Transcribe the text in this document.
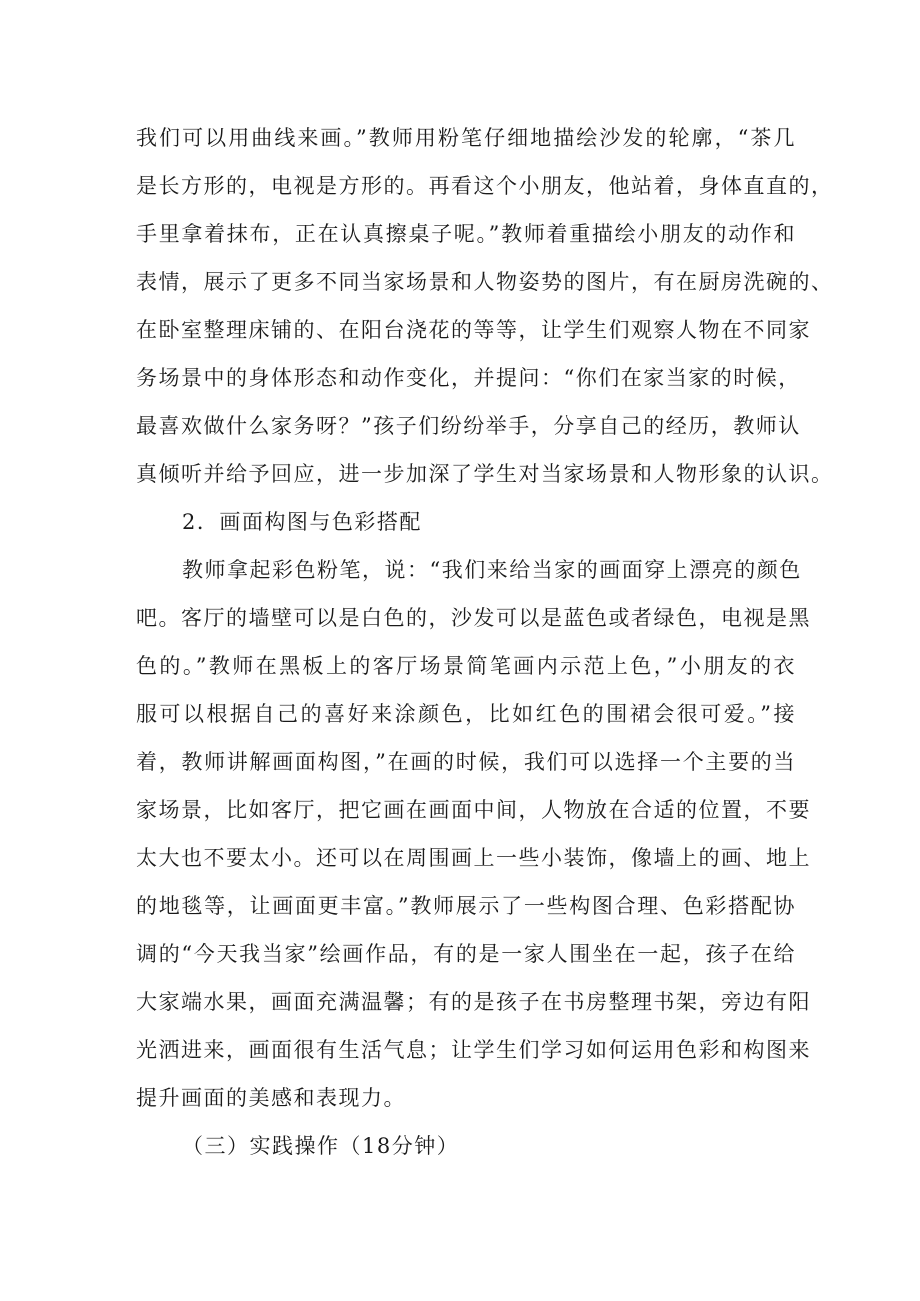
我们可以用曲线来画。”教师用粉笔仔细地描绘沙发的轮廓，“茶几
是长方形的，电视是方形的。再看这个小朋友，他站着，身体直直的，
手里拿着抹布，正在认真擦桌子呢。”教师着重描绘小朋友的动作和
表情，展示了更多不同当家场景和人物姿势的图片，有在厨房洗碗的、
在卧室整理床铺的、在阳台浇花的等等，让学生们观察人物在不同家
务场景中的身体形态和动作变化，并提问：“你们在家当家的时候，
最喜欢做什么家务呀？”孩子们纷纷举手，分享自己的经历，教师认
真倾听并给予回应，进一步加深了学生对当家场景和人物形象的认识。
2．画面构图与色彩搭配
教师拿起彩色粉笔，说：“我们来给当家的画面穿上漂亮的颜色
吧。客厅的墙壁可以是白色的，沙发可以是蓝色或者绿色，电视是黑
色的。”教师在黑板上的客厅场景简笔画内示范上色，”小朋友的衣
服可以根据自己的喜好来涂颜色，比如红色的围裙会很可爱。”接
着，教师讲解画面构图，”在画的时候，我们可以选择一个主要的当
家场景，比如客厅，把它画在画面中间，人物放在合适的位置，不要
太大也不要太小。还可以在周围画上一些小装饰，像墙上的画、地上
的地毯等，让画面更丰富。”教师展示了一些构图合理、色彩搭配协
调的“今天我当家”绘画作品，有的是一家人围坐在一起，孩子在给
大家端水果，画面充满温馨；有的是孩子在书房整理书架，旁边有阳
光洒进来，画面很有生活气息；让学生们学习如何运用色彩和构图来
提升画面的美感和表现力。
（三）实践操作（18分钟）
